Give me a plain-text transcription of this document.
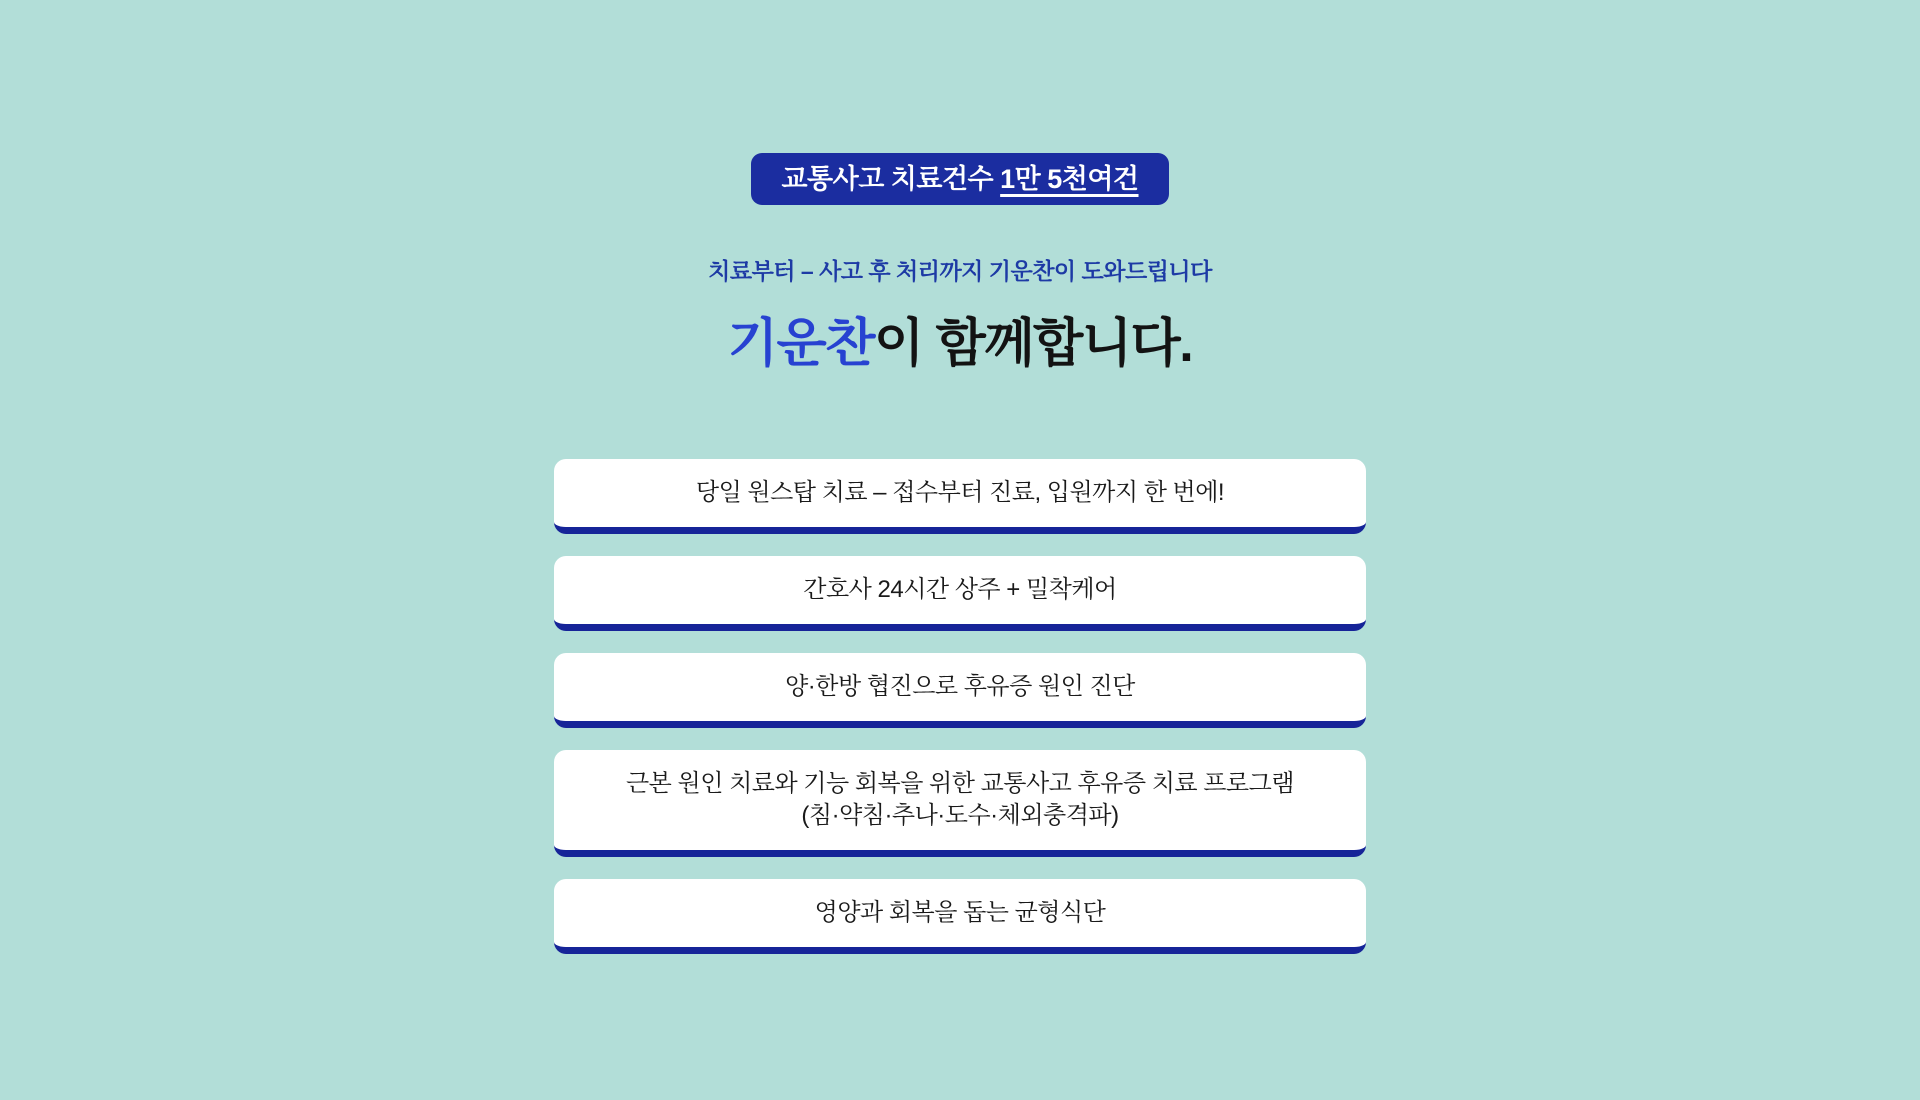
교통사고 치료건수 1만 5천여건

치료부터 – 사고 후 처리까지 기운찬이 도와드립니다

기운찬이 함께합니다.
당일 원스탑 치료 – 접수부터 진료, 입원까지 한 번에!
간호사 24시간 상주 + 밀착케어
양·한방 협진으로 후유증 원인 진단
근본 원인 치료와 기능 회복을 위한 교통사고 후유증 치료 프로그램
(침·약침·추나·도수·체외충격파)
영양과 회복을 돕는 균형식단
